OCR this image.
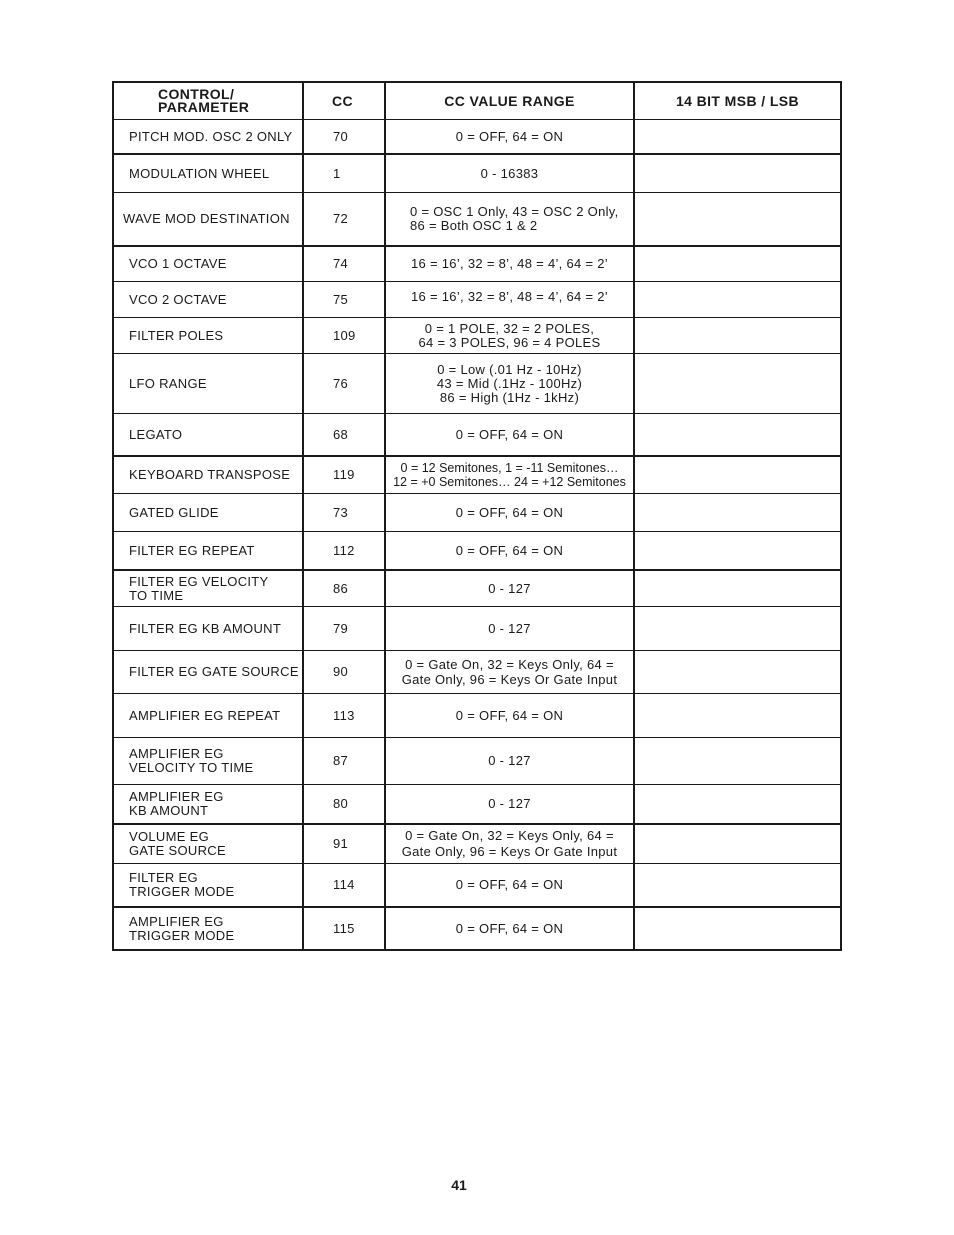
CONTROL/
PARAMETER	CC	CC VALUE RANGE	14 BIT MSB / LSB
PITCH MOD. OSC 2 ONLY	70	0 = OFF, 64 = ON
MODULATION WHEEL	1	0 - 16383
WAVE MOD DESTINATION	72	0 = OSC 1 Only, 43 = OSC 2 Only,
86 = Both OSC 1 & 2
VCO 1 OCTAVE	74	16 = 16’, 32 = 8’, 48 = 4’, 64 = 2’
VCO 2 OCTAVE	75	16 = 16’, 32 = 8’, 48 = 4’, 64 = 2’
FILTER POLES	109	0 = 1 POLE, 32 = 2 POLES,
64 = 3 POLES, 96 = 4 POLES
LFO RANGE	76
0 = Low (.01 Hz - 10Hz)
43 = Mid (.1Hz - 100Hz)
86 = High (1Hz - 1kHz)
LEGATO	68	0 = OFF, 64 = ON
KEYBOARD TRANSPOSE	119	0 = 12 Semitones, 1 = -11 Semitones…
12 = +0 Semitones… 24 = +12 Semitones
GATED GLIDE	73	0 = OFF, 64 = ON
FILTER EG REPEAT	112	0 = OFF, 64 = ON
FILTER EG VELOCITY
TO TIME	86	0 - 127
FILTER EG KB AMOUNT	79	0 - 127
FILTER EG GATE SOURCE	90	0 = Gate On, 32 = Keys Only, 64 =
Gate Only, 96 = Keys Or Gate Input
AMPLIFIER EG REPEAT	113	0 = OFF, 64 = ON
AMPLIFIER EG
VELOCITY TO TIME	87	0 - 127
AMPLIFIER EG
KB AMOUNT	80	0 - 127
VOLUME EG
GATE SOURCE	91
0 = Gate On, 32 = Keys Only, 64 =
Gate Only, 96 = Keys Or Gate Input
FILTER EG
TRIGGER MODE	114	0 = OFF, 64 = ON
AMPLIFIER EG
TRIGGER MODE	115	0 = OFF, 64 = ON
41
